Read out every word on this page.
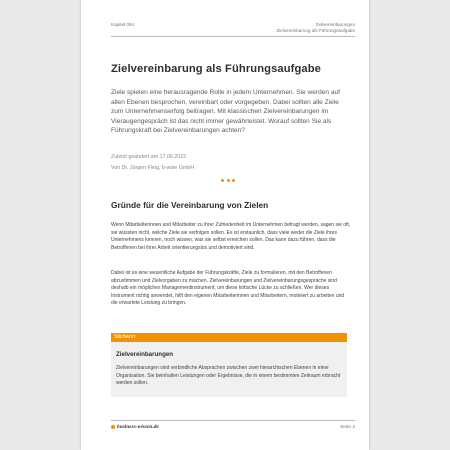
Kapitel 094	Zielvereinbarungen
Zielvereinbarung als Führungsaufgabe
Zielvereinbarung als Führungsaufgabe

Ziele spielen eine herausragende Rolle in jedem Unternehmen. Sie werden auf allen Ebenen besprochen, vereinbart oder vorgegeben. Dabei sollten alle Ziele zum Unternehmenserfolg beitragen. Mit klassischen Zielvereinbarungen im Vieraugengespräch ist das nicht immer gewährleistet. Worauf sollten Sie als Führungskraft bei Zielvereinbarungen achten?

Zuletzt geändert am 17.06.2022
Von Dr. Jürgen Fleig, b-wise GmbH
Gründe für die Vereinbarung von Zielen

Wenn Mitarbeiterinnen und Mitarbeiter zu ihrer Zufriedenheit im Unternehmen befragt werden, sagen sie oft, sie wüssten nicht, welche Ziele sie verfolgen sollen. Es ist erstaunlich, dass viele weder die Ziele ihres Unternehmens kennen, noch wissen, was sie selbst erreichen sollen. Das kann dazu führen, dass die Betroffenen bei ihrer Arbeit orientierungslos und demotiviert sind.

Dabei ist es eine wesentliche Aufgabe der Führungskräfte, Ziele zu formulieren, mit den Betroffenen abzustimmen und Zielvorgaben zu machen. Zielvereinbarungen und Zielvereinbarungsgespräche sind deshalb ein mögliches Managementinstrument, um diese kritische Lücke zu schließen. Wer dieses Instrument richtig anwendet, hilft den eigenen Mitarbeiterinnen und Mitarbeitern, motiviert zu arbeiten und die erwartete Leistung zu bringen.

Stichwort
Zielvereinbarungen

Zielvereinbarungen sind verbindliche Absprachen zwischen zwei hierarchischen Ebenen in einer Organisation. Sie beinhalten Leistungen oder Ergebnisse, die in einem bestimmten Zeitraum erbracht werden sollen.

business-wissen.de	Seite 2
